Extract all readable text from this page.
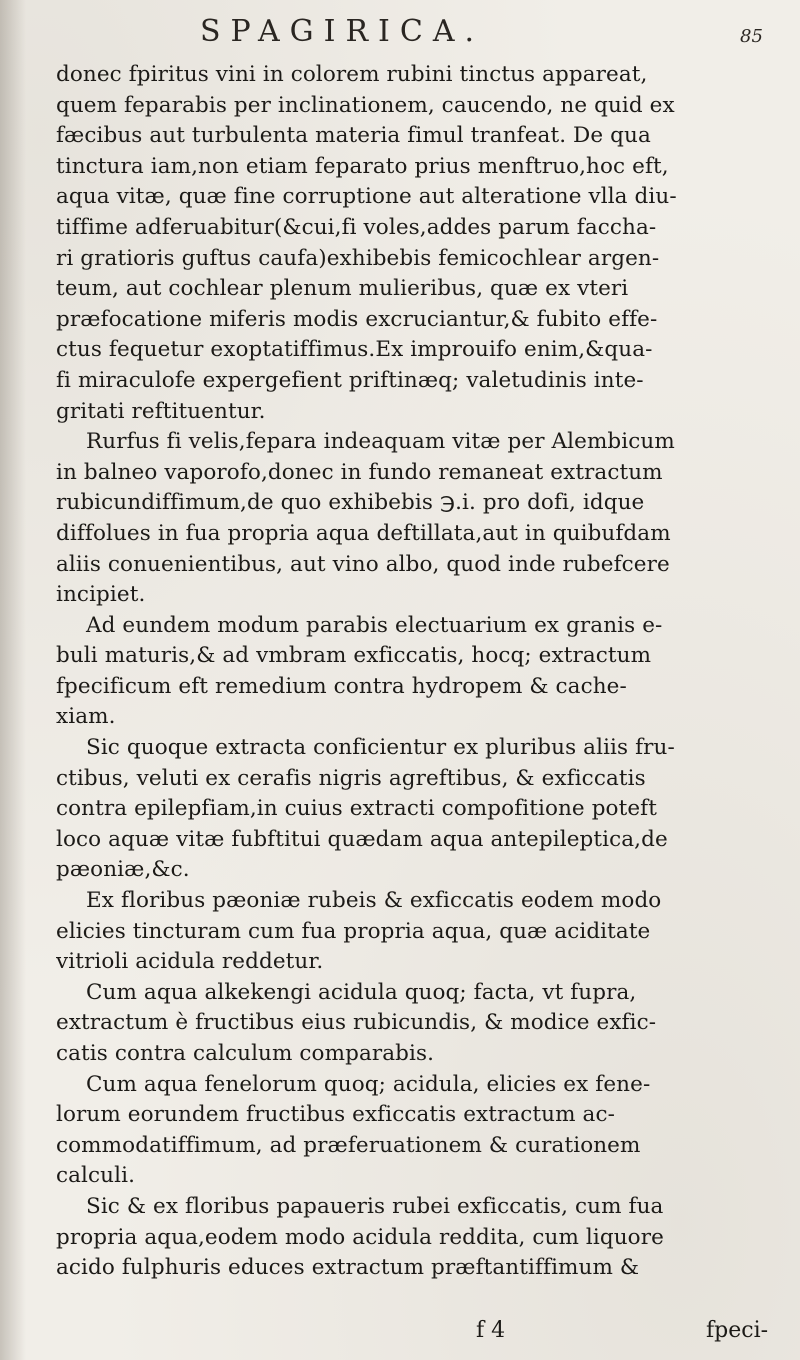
SPAGIRICA.	85
donec fpiritus vini in colorem rubini tinctus appareat,
quem feparabis per inclinationem, caucendo, ne quid ex
fæcibus aut turbulenta materia fimul tranfeat. De qua
tinctura iam,non etiam feparato prius menftruo,hoc eft,
aqua vitæ, quæ fine corruptione aut alteratione vlla diu-
tiffime adferuabitur(&cui,fi voles,addes parum faccha-
ri gratioris guftus caufa)exhibebis femicochlear argen-
teum, aut cochlear plenum mulieribus, quæ ex vteri
præfocatione miferis modis excruciantur,& fubito effe-
ctus fequetur exoptatiffimus.Ex improuifo enim,&qua-
fi miraculofe expergefient priftinæq; valetudinis inte-
gritati reftituentur.
Rurfus fi velis,fepara indeaquam vitæ per Alembicum
in balneo vaporofo,donec in fundo remaneat extractum
rubicundiffimum,de quo exhibebis ℈.i. pro dofi, idque
diffolues in fua propria aqua deftillata,aut in quibufdam
aliis conuenientibus, aut vino albo, quod inde rubefcere
incipiet.
Ad eundem modum parabis electuarium ex granis e-
buli maturis,& ad vmbram exficcatis, hocq; extractum
fpecificum eft remedium contra hydropem & cache-
xiam.
Sic quoque extracta conficientur ex pluribus aliis fru-
ctibus, veluti ex cerafis nigris agreftibus, & exficcatis
contra epilepfiam,in cuius extracti compofitione poteft
loco aquæ vitæ fubftitui quædam aqua antepileptica,de
pæoniæ,&c.
Ex floribus pæoniæ rubeis & exficcatis eodem modo
elicies tincturam cum fua propria aqua, quæ aciditate
vitrioli acidula reddetur.
Cum aqua alkekengi acidula quoq; facta, vt fupra,
extractum è fructibus eius rubicundis, & modice exfic-
catis contra calculum comparabis.
Cum aqua fenelorum quoq; acidula, elicies ex fene-
lorum eorundem fructibus exficcatis extractum ac-
commodatiffimum, ad præferuationem & curationem
calculi.
Sic & ex floribus papaueris rubei exficcatis, cum fua
propria aqua,eodem modo acidula reddita, cum liquore
acido fulphuris educes extractum præftantiffimum &
f 4	fpeci-
